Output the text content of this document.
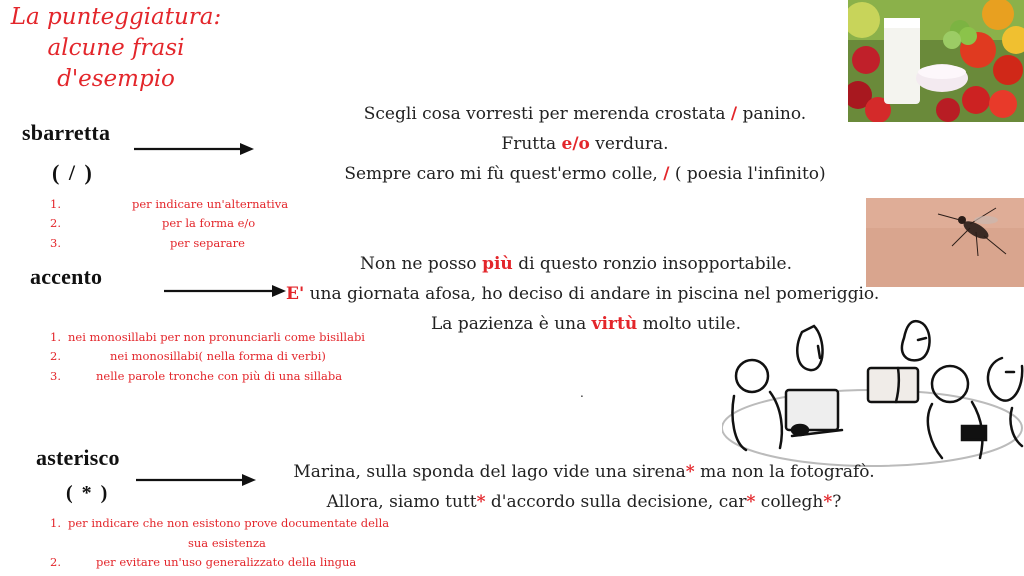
La punteggiatura:
alcune frasi
d'esempio
sbarretta
( / )
1.	per indicare un'alternativa
2.	per la forma e/o
3.	per separare
Scegli cosa vorresti per merenda crostata / panino.
Frutta e/o verdura.
Sempre caro mi fù quest'ermo colle, / ( poesia l'infinito)
accento
1. nei monosillabi per non pronunciarli come bisillabi
2.	nei monosillabi( nella forma di verbi)
3.	nelle parole tronche con più di una sillaba
Non ne posso più di questo ronzio insopportabile.
E' una giornata afosa, ho deciso di andare in piscina nel pomeriggio.
La pazienza è una virtù molto utile.
.
asterisco
( * )
1. per indicare che non esistono prove documentate della
sua esistenza
2.	per evitare un'uso generalizzato della lingua
Marina, sulla sponda del lago vide una sirena* ma non la fotografò.
Allora, siamo tutt* d'accordo sulla decisione, car* collegh*?
